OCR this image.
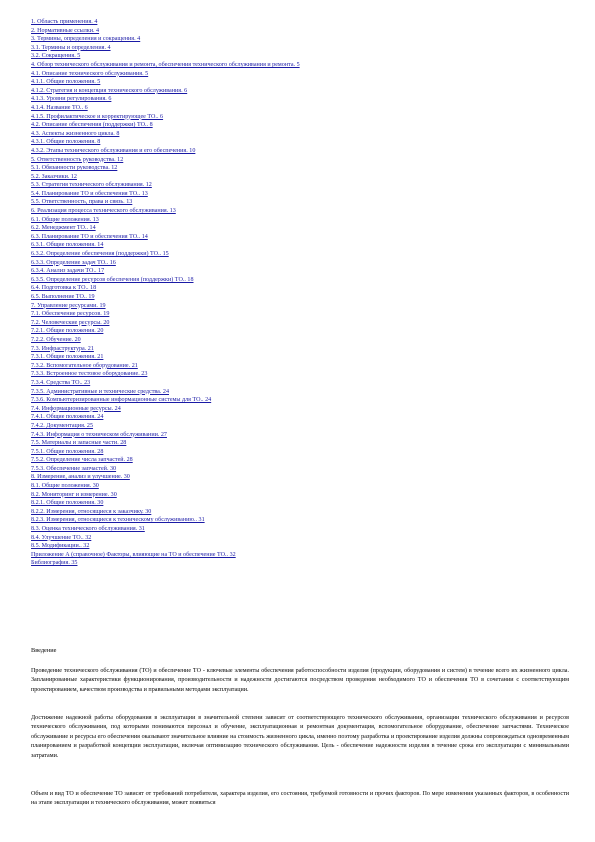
1. Область применения. 4
2. Нормативные ссылки. 4
3. Термины, определения и сокращения. 4
3.1. Термины и определения. 4
3.2. Сокращения. 5
4. Обзор технического обслуживания и ремонта, обеспечения технического обслуживания и ремонта. 5
4.1. Описание технического обслуживания. 5
4.1.1. Общие положения. 5
4.1.2. Стратегия и концепция технического обслуживания. 6
4.1.3. Уровни регулирования. 6
4.1.4. Название ТО.. 6
4.1.5. Профилактическое и корректирующее ТО.. 6
4.2. Описание обеспечения (поддержки) ТО.. 8
4.3. Аспекты жизненного цикла. 8
4.3.1. Общие положения. 8
4.3.2. Этапы технического обслуживания и его обеспечения. 10
5. Ответственность руководства. 12
5.1. Обязанности руководства. 12
5.2. Заказчики. 12
5.3. Стратегия технического обслуживания. 12
5.4. Планирование ТО и обеспечения ТО.. 13
5.5. Ответственность, права и связь. 13
6. Реализация процесса технического обслуживания. 13
6.1. Общие положения. 13
6.2. Менеджмент ТО.. 14
6.3. Планирование ТО и обеспечения ТО.. 14
6.3.1. Общие положения. 14
6.3.2. Определение обеспечения (поддержки) ТО.. 15
6.3.3. Определение задач ТО.. 16
6.3.4. Анализ задачи ТО.. 17
6.3.5. Определение ресурсов обеспечения (поддержки) ТО.. 18
6.4. Подготовка к ТО.. 18
6.5. Выполнение ТО.. 19
7. Управление ресурсами. 19
7.1. Обеспечение ресурсов. 19
7.2. Человеческие ресурсы. 20
7.2.1. Общие положения. 20
7.2.2. Обучение. 20
7.3. Инфраструктура. 21
7.3.1. Общие положения. 21
7.3.2. Вспомогательное оборудование. 21
7.3.3. Встроенное тестовое оборудование. 23
7.3.4. Средства ТО.. 23
7.3.5. Административные и технические средства. 24
7.3.6. Компьютеризированные информационные системы для ТО.. 24
7.4. Информационные ресурсы. 24
7.4.1. Общие положения. 24
7.4.2. Документация. 25
7.4.3. Информация о техническом обслуживании. 27
7.5. Материалы и запасные части. 28
7.5.1. Общие положения. 28
7.5.2. Определение числа запчастей. 28
7.5.3. Обеспечение запчастей. 30
8. Измерение, анализ и улучшение. 30
8.1. Общие положения. 30
8.2. Мониторинг и измерение. 30
8.2.1. Общие положения. 30
8.2.2. Измерения, относящиеся к заказчику. 30
8.2.3. Измерения, относящиеся к техническому обслуживанию.. 31
8.3. Оценка технического обслуживания. 31
8.4. Улучшение ТО.. 32
8.5. Модификации.. 32
Приложение А (справочное) Факторы, влияющие на ТО и обеспечение ТО.. 32
Библиография. 35
Введение

Проведение технического обслуживания (ТО) и обеспечение ТО - ключевые элементы обеспечения работоспособности изделия (продукции, оборудования и систем) в течение всего их жизненного цикла. Запланированные характеристики функционирования, производительности и надежности достигаются посредством проведения необходимого ТО и обеспечения ТО в сочетании с соответствующим проектированием, качеством производства и правильными методами эксплуатации.

Достижение надежной работы оборудования в эксплуатации в значительной степени зависит от соответствующего технического обслуживания, организации технического обслуживания и ресурсов технического обслуживания, под которыми понимаются персонал и обучение, эксплуатационная и ремонтная документация, вспомогательное оборудование, обеспечение запчастями. Техническое обслуживание и ресурсы его обеспечения оказывают значительное влияние на стоимость жизненного цикла, именно поэтому разработка и проектирование изделия должны сопровождаться одновременным планированием и разработкой концепции эксплуатации, включая оптимизацию технического обслуживания. Цель - обеспечение надежности изделия в течение срока его эксплуатации с минимальными затратами.

Объем и вид ТО и обеспечение ТО зависят от требований потребителя, характера изделия, его состояния, требуемой готовности и прочих факторов. По мере изменения указанных факторов, в особенности на этапе эксплуатации и технического обслуживания, может появиться
